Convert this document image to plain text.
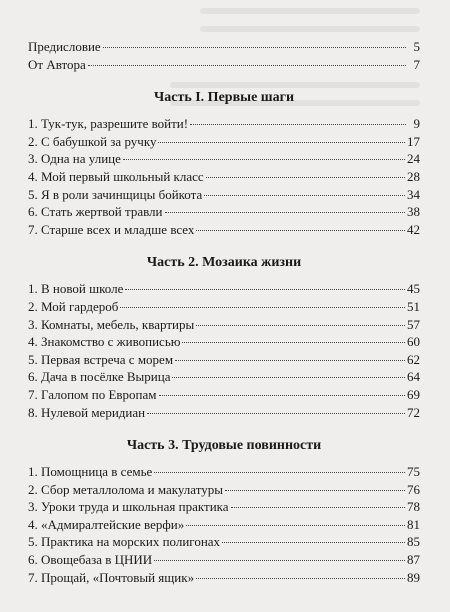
Предисловие	5
От Автора	7
Часть I. Первые шаги
1. Тук-тук, разрешите войти!	9
2. С бабушкой за ручку	17
3. Одна на улице	24
4. Мой первый школьный класс	28
5. Я в роли зачинщицы бойкота	34
6. Стать жертвой травли	38
7. Старше всех и младше всех	42
Часть 2. Мозаика жизни
1. В новой школе	45
2. Мой гардероб	51
3. Комнаты, мебель, квартиры	57
4. Знакомство с живописью	60
5. Первая встреча с морем	62
6. Дача в посёлке Вырица	64
7. Галопом по Европам	69
8. Нулевой меридиан	72
Часть 3. Трудовые повинности
1. Помощница в семье	75
2. Сбор металлолома и макулатуры	76
3. Уроки труда и школьная практика	78
4. «Адмиралтейские верфи»	81
5. Практика на морских полигонах	85
6. Овощебаза в ЦНИИ	87
7. Прощай, «Почтовый ящик»	89
